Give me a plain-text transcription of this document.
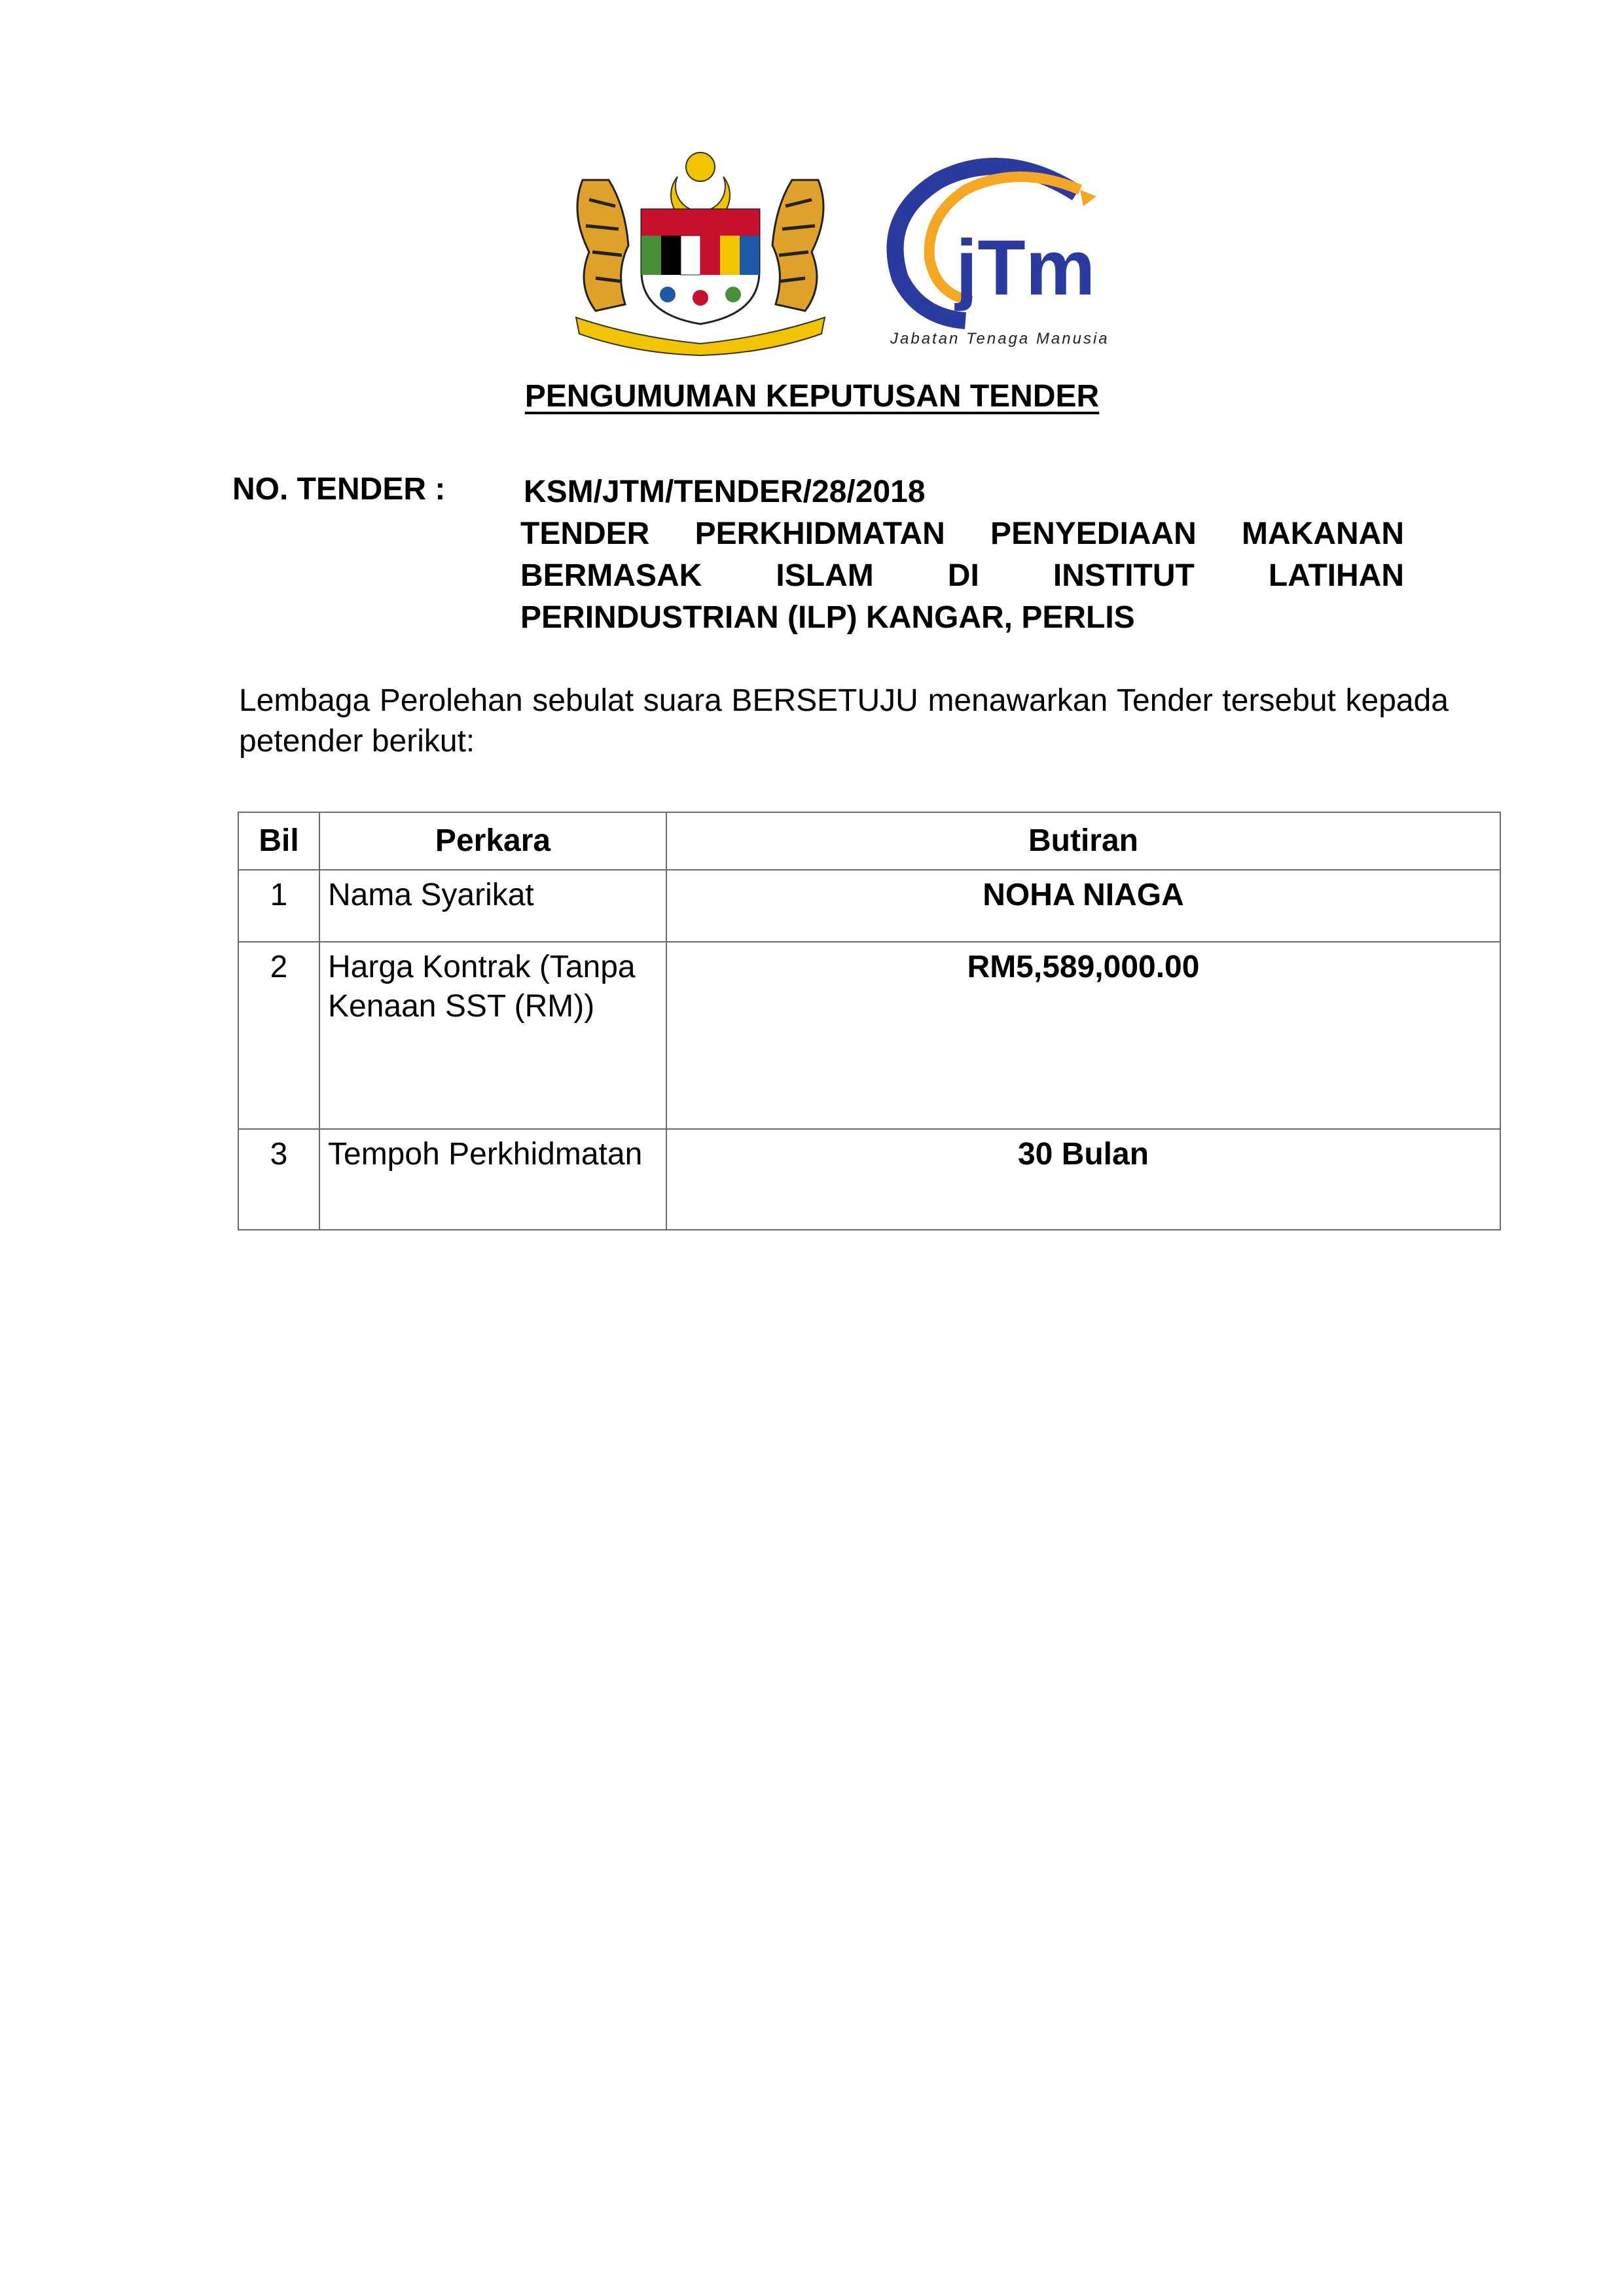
jTm
Jabatan Tenaga Manusia
PENGUMUMAN KEPUTUSAN TENDER
NO. TENDER : KSM/JTM/TENDER/28/2018
TENDER PERKHIDMATAN PENYEDIAAN MAKANAN BERMASAK ISLAM DI INSTITUT LATIHAN PERINDUSTRIAN (ILP) KANGAR, PERLIS
Lembaga Perolehan sebulat suara BERSETUJU menawarkan Tender tersebut kepada petender berikut:
Bil	Perkara	Butiran
1	Nama Syarikat	NOHA NIAGA
2	Harga Kontrak (Tanpa Kenaan SST (RM))	RM5,589,000.00
3	Tempoh Perkhidmatan	30 Bulan
